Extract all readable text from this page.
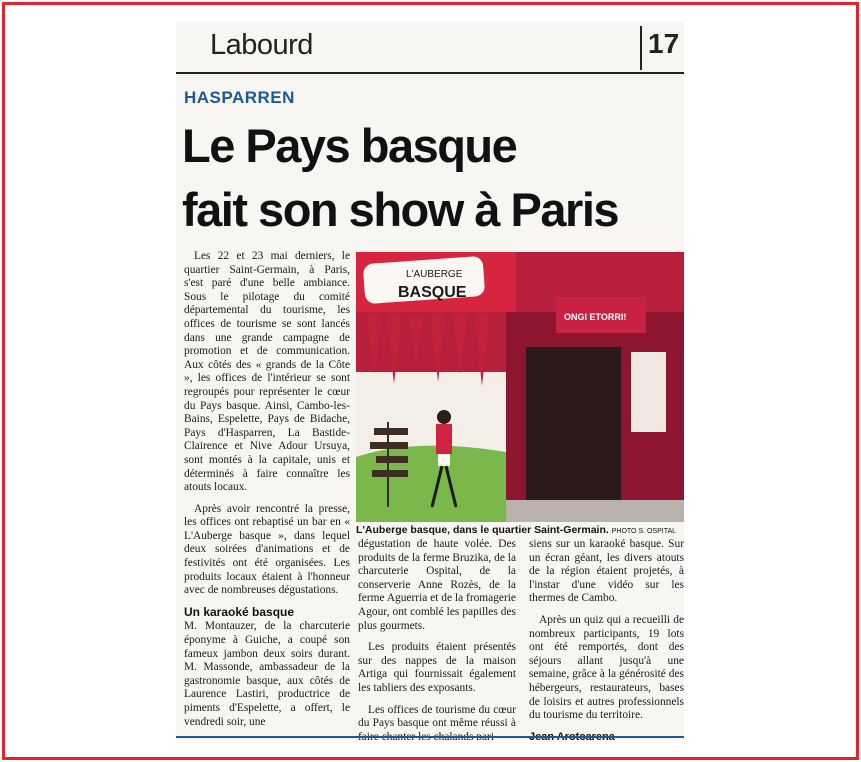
Labourd	17
HASPARREN
Le Pays basque
fait son show à Paris

Les 22 et 23 mai derniers, le quartier Saint-Germain, à Paris, s'est paré d'une belle ambiance. Sous le pilotage du comité départemental du tourisme, les offices de tourisme se sont lancés dans une grande campagne de promotion et de communication. Aux côtés des « grands de la Côte », les offices de l'intérieur se sont regroupés pour représenter le cœur du Pays basque. Ainsi, Cambo-les-Bains, Espelette, Pays de Bidache, Pays d'Hasparren, La Bastide-Clairence et Nive Adour Ursuya, sont montés à la capitale, unis et déterminés à faire connaître les atouts locaux.

Après avoir rencontré la presse, les offices ont rebaptisé un bar en « L'Auberge basque », dans lequel deux soirées d'animations et de festivités ont été organisées. Les produits locaux étaient à l'honneur avec de nombreuses dégustations.

Un karaoké basque

M. Montauzer, de la charcuterie éponyme à Guiche, a coupé son fameux jambon deux soirs durant. M. Massonde, ambassadeur de la gastronomie basque, aux côtés de Laurence Lastiri, productrice de piments d'Espelette, a offert, le vendredi soir, une

L'AUBERGE
BASQUE
ONGI ETORRI!
L'Auberge basque, dans le quartier Saint-Germain. PHOTO S. OSPITAL

dégustation de haute volée. Des produits de la ferme Bruzika, de la charcuterie Ospital, de la conserverie Anne Rozès, de la ferme Aguerria et de la fromagerie Agour, ont comblé les papilles des plus gourmets.

Les produits étaient présentés sur des nappes de la maison Artiga qui fournissait également les tabliers des exposants.

Les offices de tourisme du cœur du Pays basque ont même réussi à

siens sur un karaoké basque. Sur un écran géant, les divers atouts de la région étaient projetés, à l'instar d'une vidéo sur les thermes de Cambo.

Après un quiz qui a recueilli de nombreux participants, 19 lots ont été remportés, dont des séjours allant jusqu'à une semaine, grâce à la générosité des hébergeurs, restaurateurs, bases de loisirs et autres professionnels du tourisme du territoire.
